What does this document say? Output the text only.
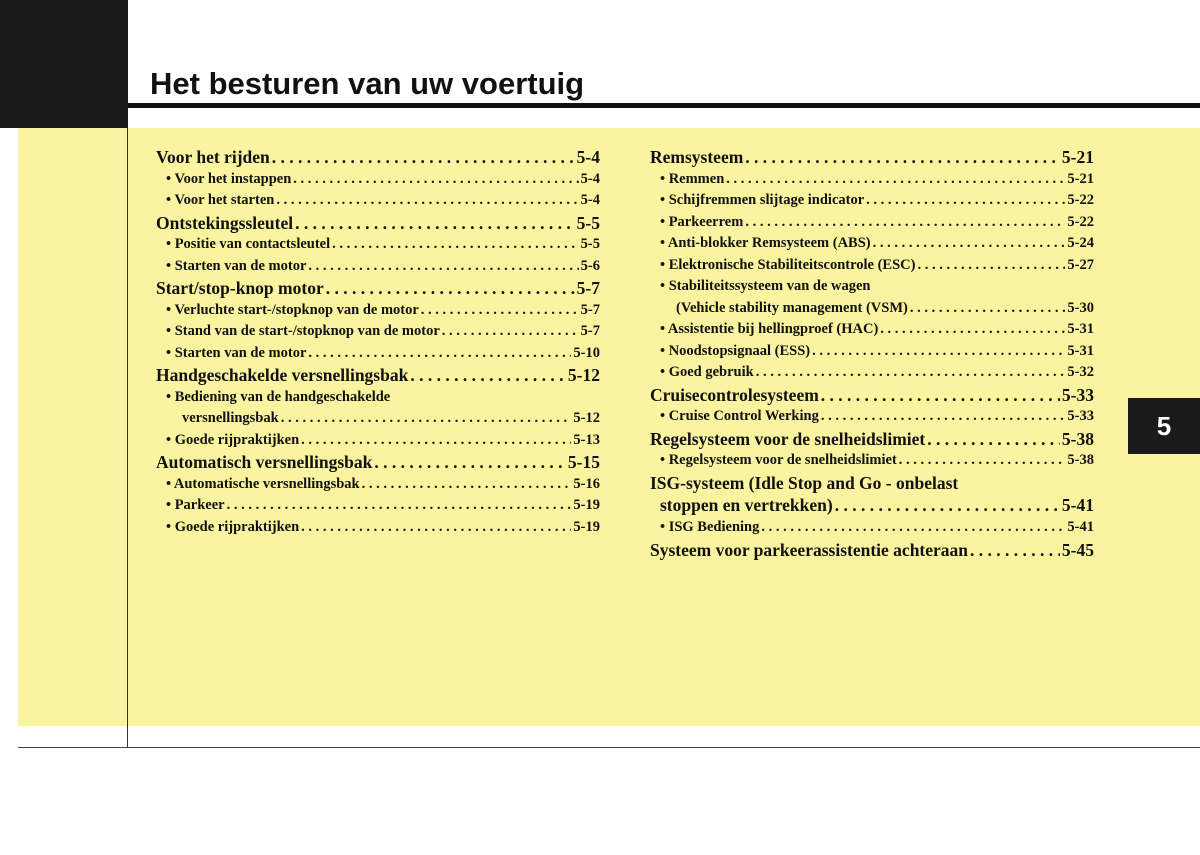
Het besturen van uw voertuig
5
Voor het rijden . . .	5-4
• Voor het instappen . . .	5-4
• Voor het starten . . .	5-4
Ontstekingssleutel . . .	5-5
• Positie van contactsleutel . . .	5-5
• Starten van de motor . . .	5-6
Start/stop-knop motor . . .	5-7
• Verluchte start-/stopknop van de motor . . .	5-7
• Stand van de start-/stopknop van de motor . . .	5-7
• Starten van de motor . . .	5-10
Handgeschakelde versnellingsbak . . .	5-12
• Bediening van de handgeschakelde
versnellingsbak . . .	5-12
• Goede rijpraktijken . . .	5-13
Automatisch versnellingsbak . . .	5-15
• Automatische versnellingsbak . . .	5-16
• Parkeer . . .	5-19
• Goede rijpraktijken . . .	5-19
Remsysteem . . .	5-21
• Remmen . . .	5-21
• Schijfremmen slijtage indicator . . .	5-22
• Parkeerrem . . .	5-22
• Anti-blokker Remsysteem (ABS) . . .	5-24
• Elektronische Stabiliteitscontrole (ESC) . . .	5-27
• Stabiliteitssysteem van de wagen
(Vehicle stability management (VSM) . . .	5-30
• Assistentie bij hellingproef (HAC) . . .	5-31
• Noodstopsignaal (ESS) . . .	5-31
• Goed gebruik . . .	5-32
Cruisecontrolesysteem . . .	5-33
• Cruise Control Werking . . .	5-33
Regelsysteem voor de snelheidslimiet . . .	5-38
• Regelsysteem voor de snelheidslimiet . . .	5-38
ISG-systeem (Idle Stop and Go - onbelast
stoppen en vertrekken) . . .	5-41
• ISG Bediening . . .	5-41
Systeem voor parkeerassistentie achteraan . . .	5-45
